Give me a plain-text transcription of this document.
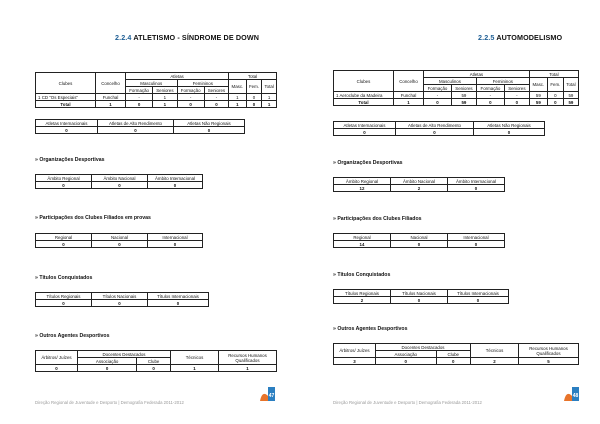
2.2.4 ATLETISMO - SÍNDROME DE DOWN
Clubes	Concelho	Atletas				Total		
		Masculinos		Femininos		Masc.	Fem.	Total
		Formação	Seniores	Formação	Seniores			
1 CD "Os Especiais"	Funchal	-	1	-	-	1	0	1
Total	1	0	1	0	0	1	0	1
Atletas Internacionais	Atletas de Alto Rendimento	Atletas Não Regionais
0	0	0
» Organizações Desportivas
Âmbito Regional	Âmbito Nacional	Âmbito Internacional
0	0	0
» Participações dos Clubes Filiados em provas
Regional	Nacional	Internacional
0	0	0
» Títulos Conquistados
Títulos Regionais	Títulos Nacionais	Títulos Internacionais
0	0	0
» Outros Agentes Desportivos
Árbitros/ Juízes	Docentes Destacados		Técnicos	Recursos Humanos Qualificados
	Associação	Clube		
0	0	0	1	1
Direção Regional de Juventude e Desporto | Demografia Federada 2011-2012
47
2.2.5 AUTOMODELISMO
Clubes	Concelho	Atletas				Total		
		Masculinos		Femininos		Masc.	Fem.	Total
		Formação	Seniores	Formação	Seniores			
1 Aeroclube da Madeira	Funchal	-	59	-	-	59	0	59
Total	1	0	59	0	0	59	0	59
Atletas Internacionais	Atletas de Alto Rendimento	Atletas Não Regionais
0	0	0
» Organizações Desportivas
Âmbito Regional	Âmbito Nacional	Âmbito Internacional
12	2	0
» Participações dos Clubes Filiados
Regional	Nacional	Internacional
14	0	0
» Títulos Conquistados
Títulos Regionais	Títulos Nacionais	Títulos Internacionais
2	0	0
» Outros Agentes Desportivos
Árbitros/ Juízes	Docentes Destacados		Técnicos	Recursos Humanos Qualificados
	Associação	Clube		
3	0	0	2	5
Direção Regional de Juventude e Desporto | Demografia Federada 2011-2012
48
